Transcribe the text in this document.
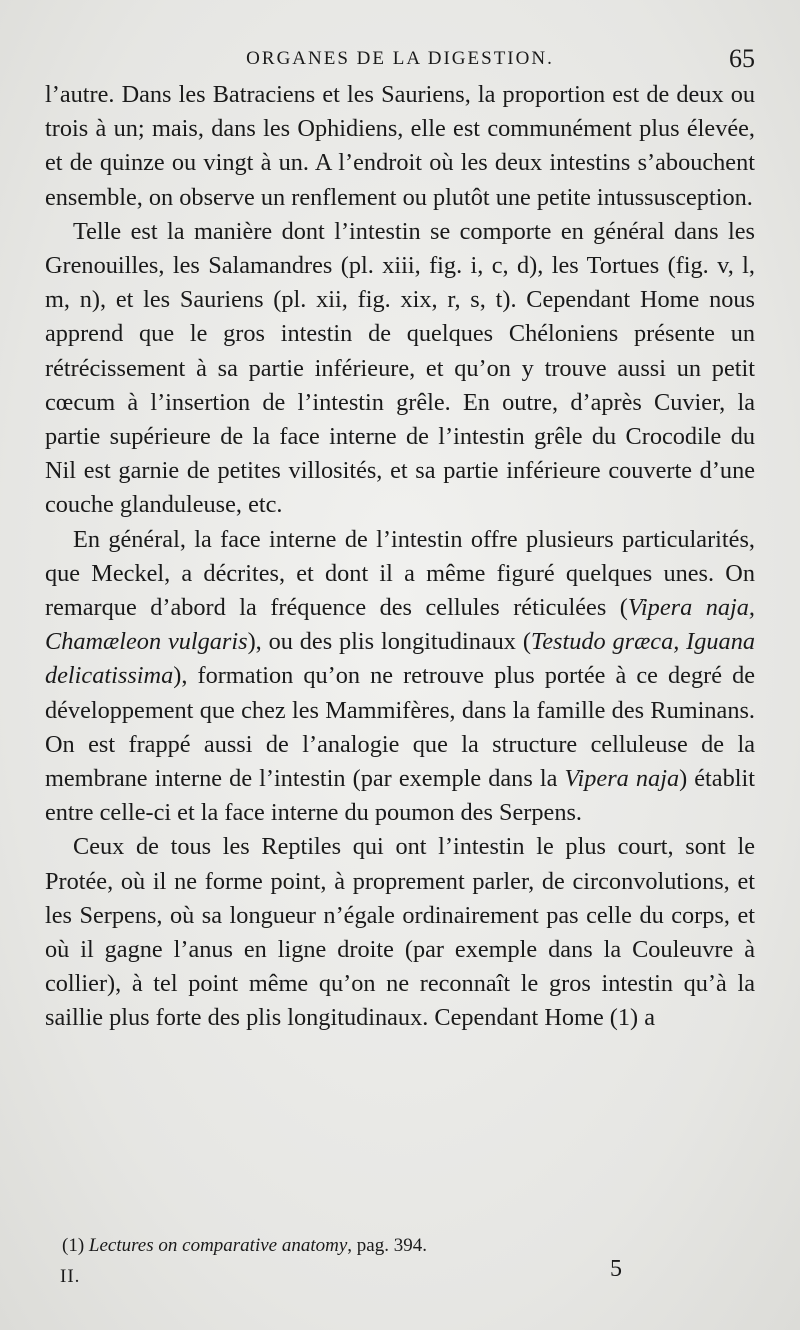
ORGANES DE LA DIGESTION.	65

l’autre. Dans les Batraciens et les Sauriens, la proportion est de deux ou trois à un; mais, dans les Ophidiens, elle est communément plus élevée, et de quinze ou vingt à un. A l’endroit où les deux intestins s’abouchent ensemble, on observe un renflement ou plutôt une petite intussusception.

Telle est la manière dont l’intestin se comporte en général dans les Grenouilles, les Salamandres (pl. xiii, fig. i, c, d), les Tortues (fig. v, l, m, n), et les Sauriens (pl. xii, fig. xix, r, s, t). Cependant Home nous apprend que le gros intestin de quelques Chéloniens présente un rétrécissement à sa partie inférieure, et qu’on y trouve aussi un petit cœcum à l’insertion de l’intestin grêle. En outre, d’après Cuvier, la partie supérieure de la face interne de l’intestin grêle du Crocodile du Nil est garnie de petites villosités, et sa partie inférieure couverte d’une couche glanduleuse, etc.

En général, la face interne de l’intestin offre plusieurs particularités, que Meckel, a décrites, et dont il a même figuré quelques unes. On remarque d’abord la fréquence des cellules réticulées (Vipera naja, Chamæleon vulgaris), ou des plis longitudinaux (Testudo græca, Iguana delicatissima), formation qu’on ne retrouve plus portée à ce degré de développement que chez les Mammifères, dans la famille des Ruminans. On est frappé aussi de l’analogie que la structure celluleuse de la membrane interne de l’intestin (par exemple dans la Vipera naja) établit entre celle-ci et la face interne du poumon des Serpens.

Ceux de tous les Reptiles qui ont l’intestin le plus court, sont le Protée, où il ne forme point, à proprement parler, de circonvolutions, et les Serpens, où sa longueur n’égale ordinairement pas celle du corps, et où il gagne l’anus en ligne droite (par exemple dans la Couleuvre à collier), à tel point même qu’on ne reconnaît le gros intestin qu’à la saillie plus forte des plis longitudinaux. Cependant Home (1) a

(1) Lectures on comparative anatomy, pag. 394.
5
II.
